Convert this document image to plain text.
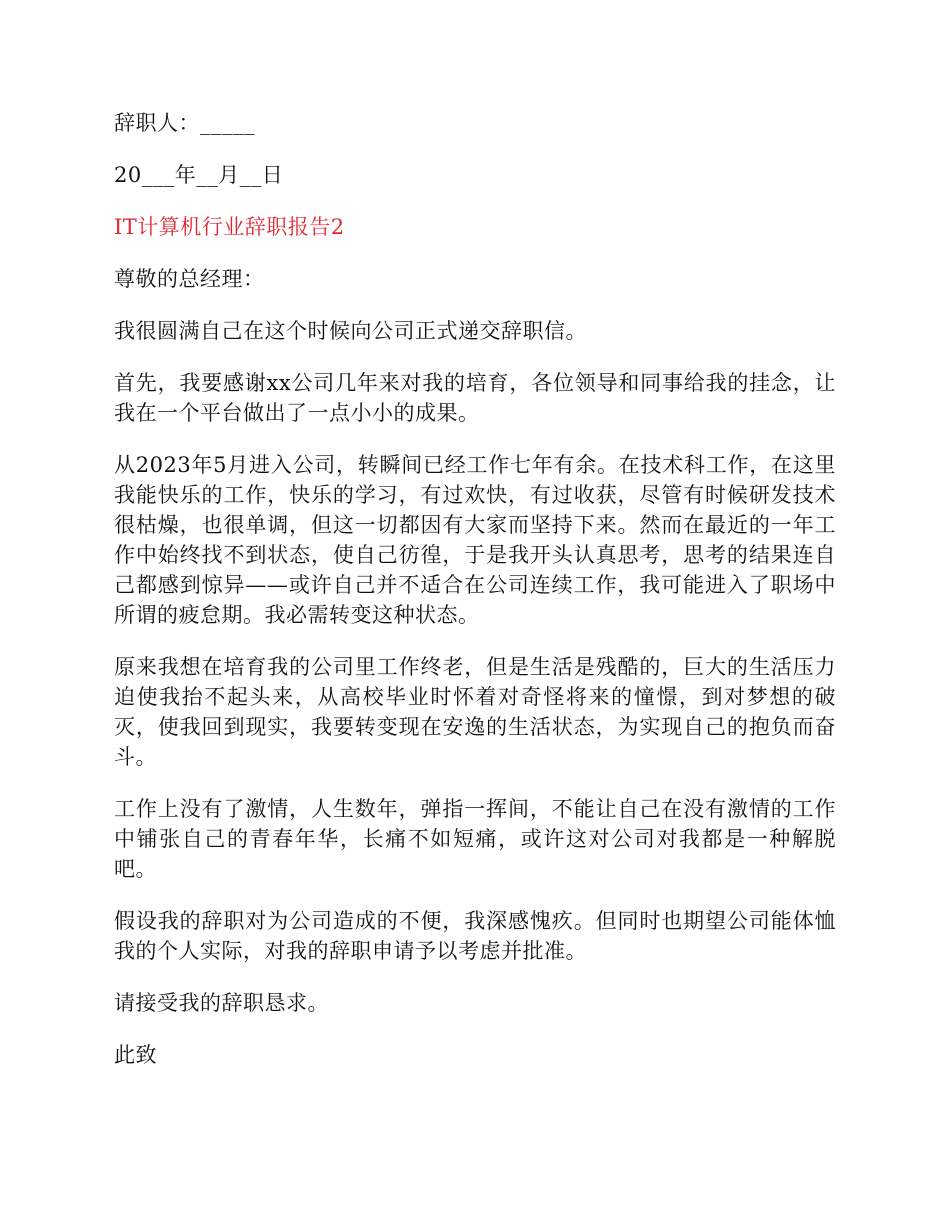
辞职人：_____

20___年__月__日

IT计算机行业辞职报告2

尊敬的总经理：

我很圆满自己在这个时候向公司正式递交辞职信。

首先，我要感谢xx公司几年来对我的培育，各位领导和同事给我的挂念，让我在一个平台做出了一点小小的成果。

从2023年5月进入公司，转瞬间已经工作七年有余。在技术科工作，在这里我能快乐的工作，快乐的学习，有过欢快，有过收获，尽管有时候研发技术很枯燥，也很单调，但这一切都因有大家而坚持下来。然而在最近的一年工作中始终找不到状态，使自己彷徨，于是我开头认真思考，思考的结果连自己都感到惊异——或许自己并不适合在公司连续工作，我可能进入了职场中所谓的疲怠期。我必需转变这种状态。

原来我想在培育我的公司里工作终老，但是生活是残酷的，巨大的生活压力迫使我抬不起头来，从高校毕业时怀着对奇怪将来的憧憬，到对梦想的破灭，使我回到现实，我要转变现在安逸的生活状态，为实现自己的抱负而奋斗。

工作上没有了激情，人生数年，弹指一挥间，不能让自己在没有激情的工作中铺张自己的青春年华，长痛不如短痛，或许这对公司对我都是一种解脱吧。

假设我的辞职对为公司造成的不便，我深感愧疚。但同时也期望公司能体恤我的个人实际，对我的辞职申请予以考虑并批准。

请接受我的辞职恳求。

此致
